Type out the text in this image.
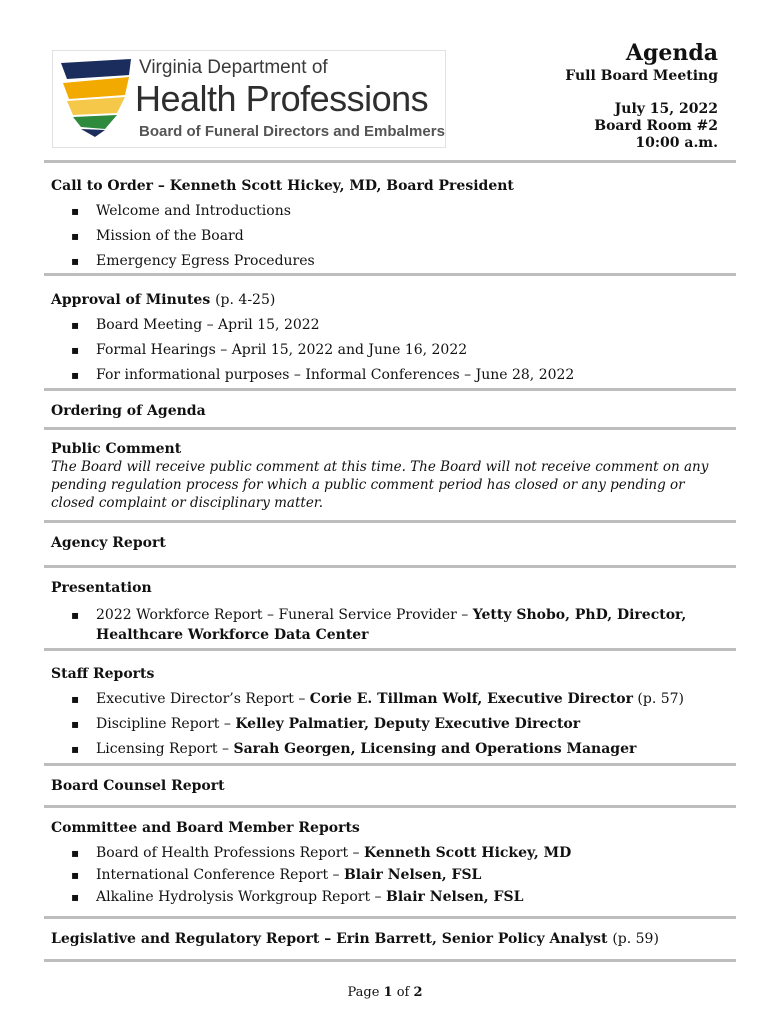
Virginia Department of
Health Professions
Board of Funeral Directors and Embalmers
Agenda
Full Board Meeting
July 15, 2022
Board Room #2
10:00 a.m.
Call to Order – Kenneth Scott Hickey, MD, Board President
▪ Welcome and Introductions
▪ Mission of the Board
▪ Emergency Egress Procedures
Approval of Minutes (p. 4-25)
▪ Board Meeting – April 15, 2022
▪ Formal Hearings – April 15, 2022 and June 16, 2022
▪ For informational purposes – Informal Conferences – June 28, 2022
Ordering of Agenda
Public Comment
The Board will receive public comment at this time. The Board will not receive comment on any pending regulation process for which a public comment period has closed or any pending or closed complaint or disciplinary matter.
Agency Report
Presentation
▪ 2022 Workforce Report – Funeral Service Provider – Yetty Shobo, PhD, Director, Healthcare Workforce Data Center
Staff Reports
▪ Executive Director’s Report – Corie E. Tillman Wolf, Executive Director (p. 57)
▪ Discipline Report – Kelley Palmatier, Deputy Executive Director
▪ Licensing Report – Sarah Georgen, Licensing and Operations Manager
Board Counsel Report
Committee and Board Member Reports
▪ Board of Health Professions Report – Kenneth Scott Hickey, MD
▪ International Conference Report – Blair Nelsen, FSL
▪ Alkaline Hydrolysis Workgroup Report – Blair Nelsen, FSL
Legislative and Regulatory Report – Erin Barrett, Senior Policy Analyst (p. 59)
Page 1 of 2
